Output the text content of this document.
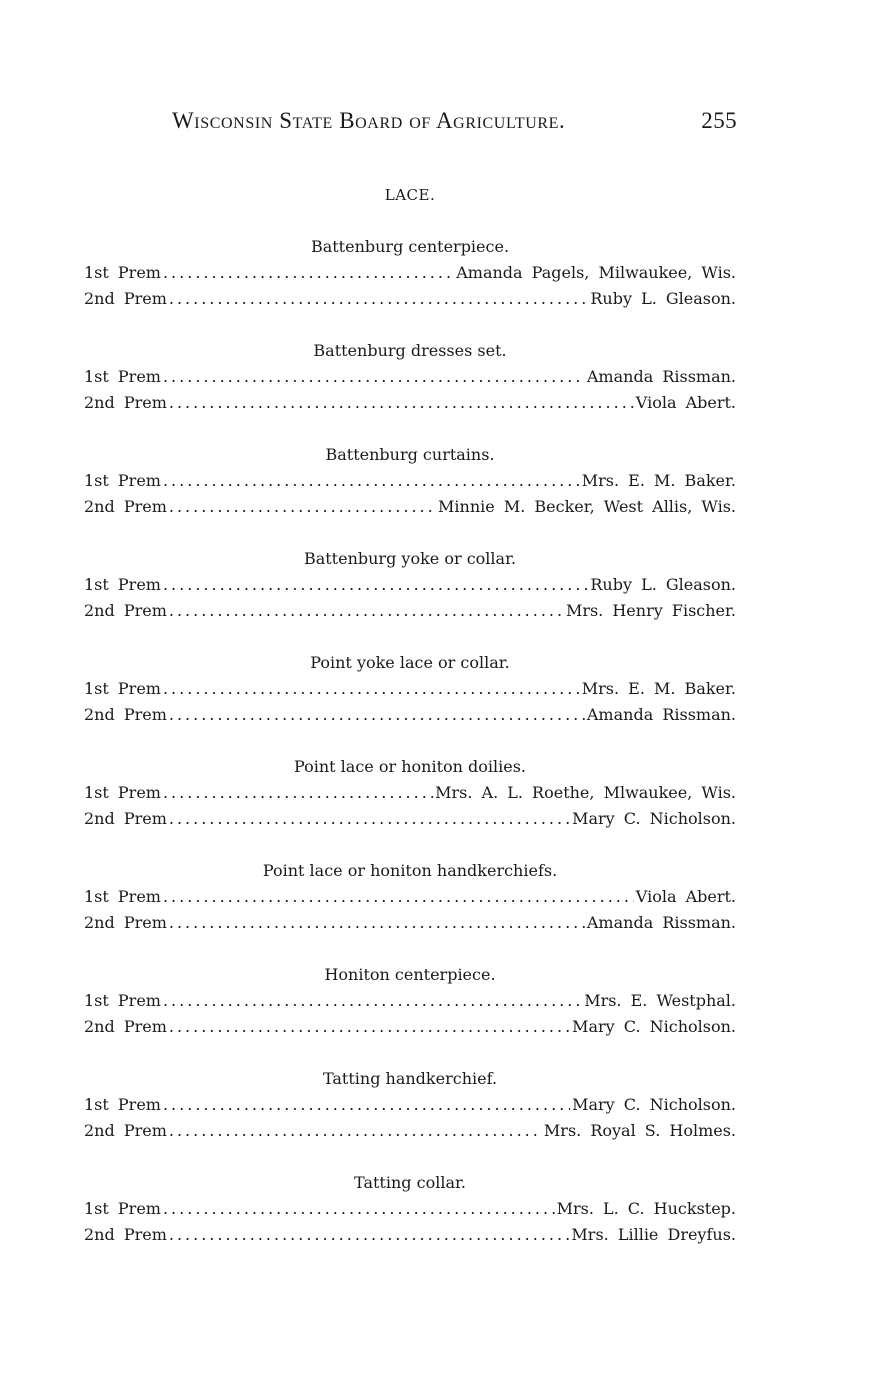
Wisconsin State Board of Agriculture.	255
LACE.
Battenburg centerpiece.
1st Prem .....	Amanda Pagels, Milwaukee, Wis.
2nd Prem .....	Ruby L. Gleason.
Battenburg dresses set.
1st Prem .....	Amanda Rissman.
2nd Prem .....	Viola Abert.
Battenburg curtains.
1st Prem .....	Mrs. E. M. Baker.
2nd Prem .....	Minnie M. Becker, West Allis, Wis.
Battenburg yoke or collar.
1st Prem .....	Ruby L. Gleason.
2nd Prem .....	Mrs. Henry Fischer.
Point yoke lace or collar.
1st Prem .....	Mrs. E. M. Baker.
2nd Prem .....	Amanda Rissman.
Point lace or honiton doilies.
1st Prem .....	Mrs. A. L. Roethe, Mlwaukee, Wis.
2nd Prem .....	Mary C. Nicholson.
Point lace or honiton handkerchiefs.
1st Prem .....	Viola Abert.
2nd Prem .....	Amanda Rissman.
Honiton centerpiece.
1st Prem .....	Mrs. E. Westphal.
2nd Prem .....	Mary C. Nicholson.
Tatting handkerchief.
1st Prem .....	Mary C. Nicholson.
2nd Prem .....	Mrs. Royal S. Holmes.
Tatting collar.
1st Prem .....	Mrs. L. C. Huckstep.
2nd Prem .....	Mrs. Lillie Dreyfus.
